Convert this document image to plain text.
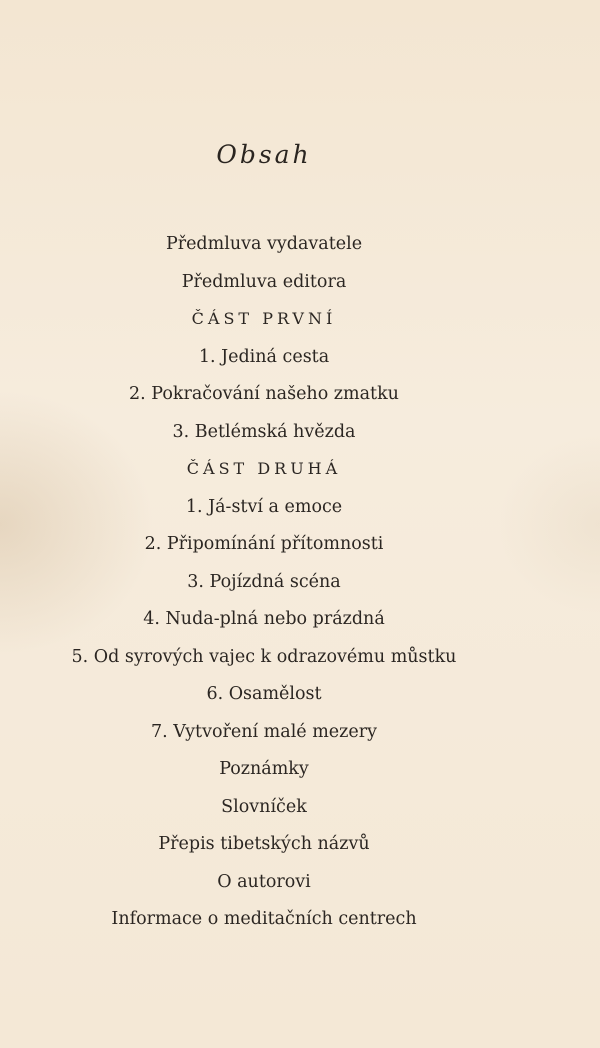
Obsah
Předmluva vydavatele
Předmluva editora
ČÁST PRVNÍ
1. Jediná cesta
2. Pokračování našeho zmatku
3. Betlémská hvězda
ČÁST DRUHÁ
1. Já-ství a emoce
2. Připomínání přítomnosti
3. Pojízdná scéna
4. Nuda-plná nebo prázdná
5. Od syrových vajec k odrazovému můstku
6. Osamělost
7. Vytvoření malé mezery
Poznámky
Slovníček
Přepis tibetských názvů
O autorovi
Informace o meditačních centrech
